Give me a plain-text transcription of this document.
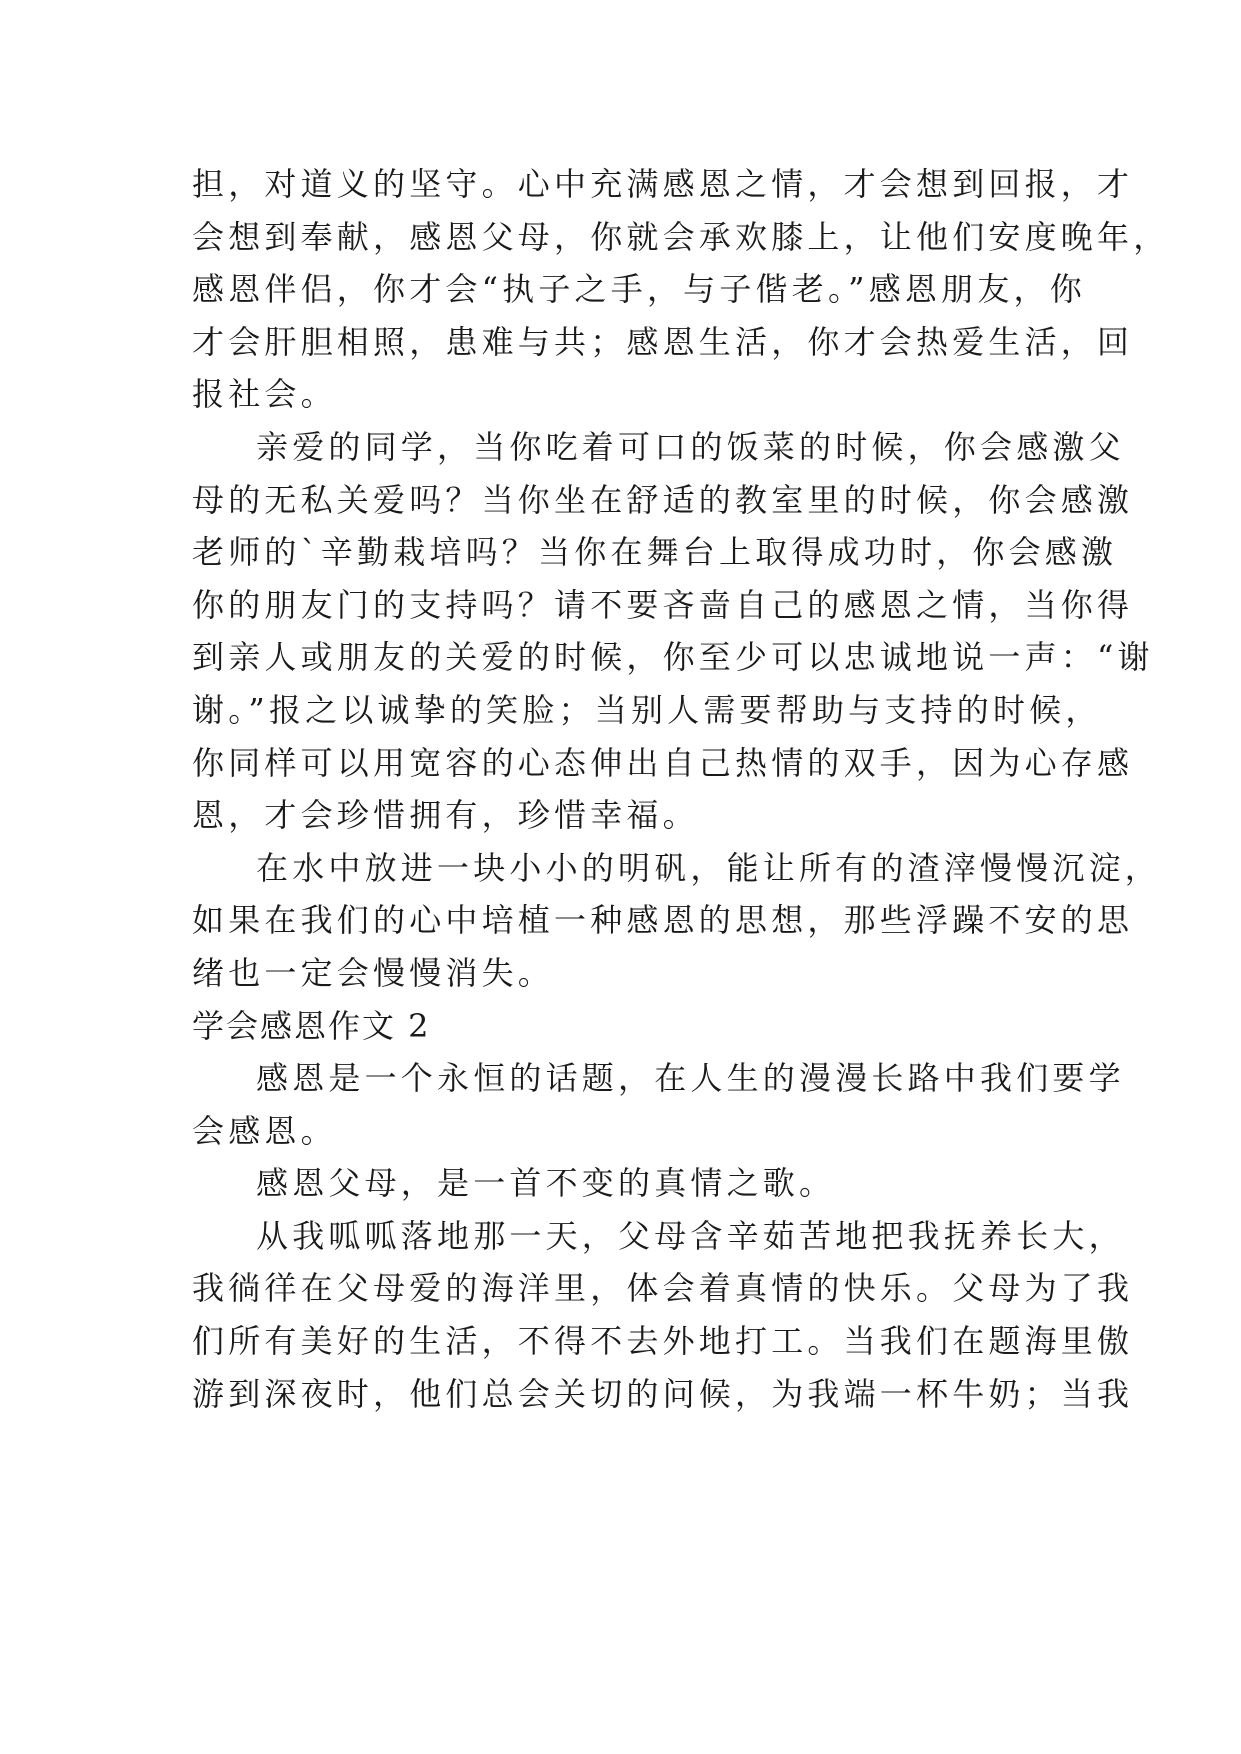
担，对道义的坚守。心中充满感恩之情，才会想到回报，才
会想到奉献，感恩父母，你就会承欢膝上，让他们安度晚年，
感恩伴侣，你才会“执子之手，与子偕老。”感恩朋友，你
才会肝胆相照，患难与共；感恩生活，你才会热爱生活，回
报社会。
亲爱的同学，当你吃着可口的饭菜的时候，你会感激父
母的无私关爱吗？当你坐在舒适的教室里的时候，你会感激
老师的`辛勤栽培吗？当你在舞台上取得成功时，你会感激
你的朋友门的支持吗？请不要吝啬自己的感恩之情，当你得
到亲人或朋友的关爱的时候，你至少可以忠诚地说一声：“谢
谢。”报之以诚挚的笑脸；当别人需要帮助与支持的时候，
你同样可以用宽容的心态伸出自己热情的双手，因为心存感
恩，才会珍惜拥有，珍惜幸福。
在水中放进一块小小的明矾，能让所有的渣滓慢慢沉淀，
如果在我们的心中培植一种感恩的思想，那些浮躁不安的思
绪也一定会慢慢消失。
学会感恩作文 2
感恩是一个永恒的话题，在人生的漫漫长路中我们要学
会感恩。
感恩父母，是一首不变的真情之歌。
从我呱呱落地那一天，父母含辛茹苦地把我抚养长大，
我徜徉在父母爱的海洋里，体会着真情的快乐。父母为了我
们所有美好的生活，不得不去外地打工。当我们在题海里傲
游到深夜时，他们总会关切的问候，为我端一杯牛奶；当我
